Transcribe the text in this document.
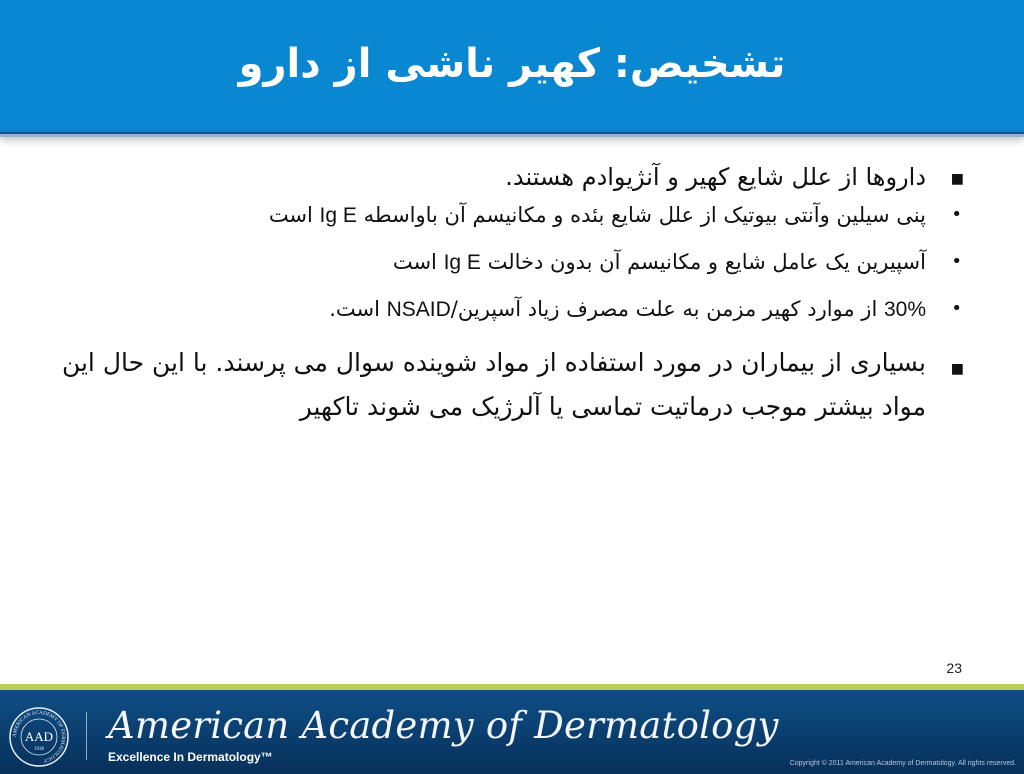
تشخیص: کهیر ناشی از دارو
■
داروها از علل شایع کهیر و آنژیوادم هستند.
•
پنی سیلین وآنتی بیوتیک از علل شایع بئده و مکانیسم آن باواسطه Ig E است
•
آسپیرین یک عامل شایع و مکانیسم آن بدون دخالت Ig E است
•
30% از موارد کهیر مزمن به علت مصرف زیاد آسپرین/NSAID است.
■
بسیاری از بیماران در مورد استفاده از مواد شوینده سوال می پرسند. با این حال این مواد بیشتر موجب درماتیت تماسی یا آلرژیک می شوند تاکهیر
23
AMERICAN ACADEMY OF DERMATOLOGY
AAD
1938
American Academy of Dermatology
Excellence In Dermatology™	Copyright © 2011 American Academy of Dermatology. All rights reserved.
